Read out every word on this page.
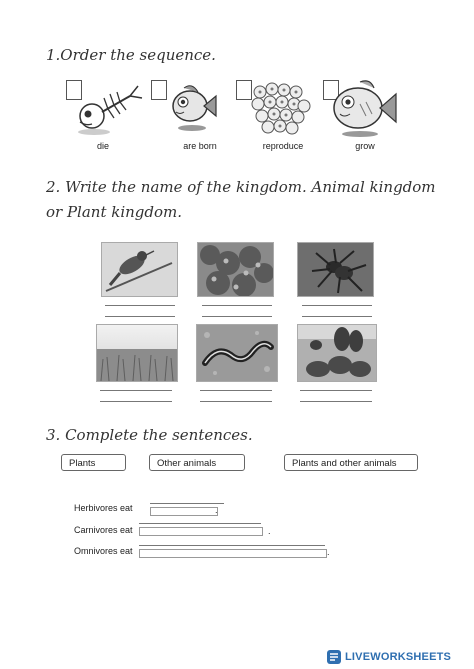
1.Order the sequence.
die	are born	reproduce	grow
2. Write the name of the kingdom. Animal kingdom
or Plant kingdom.
3. Complete the sentences.
Plants	Other animals	Plants and other animals
Herbivores eat	.
Carnivores eat	.
Omnivores eat	.
LIVEWORKSHEETS
